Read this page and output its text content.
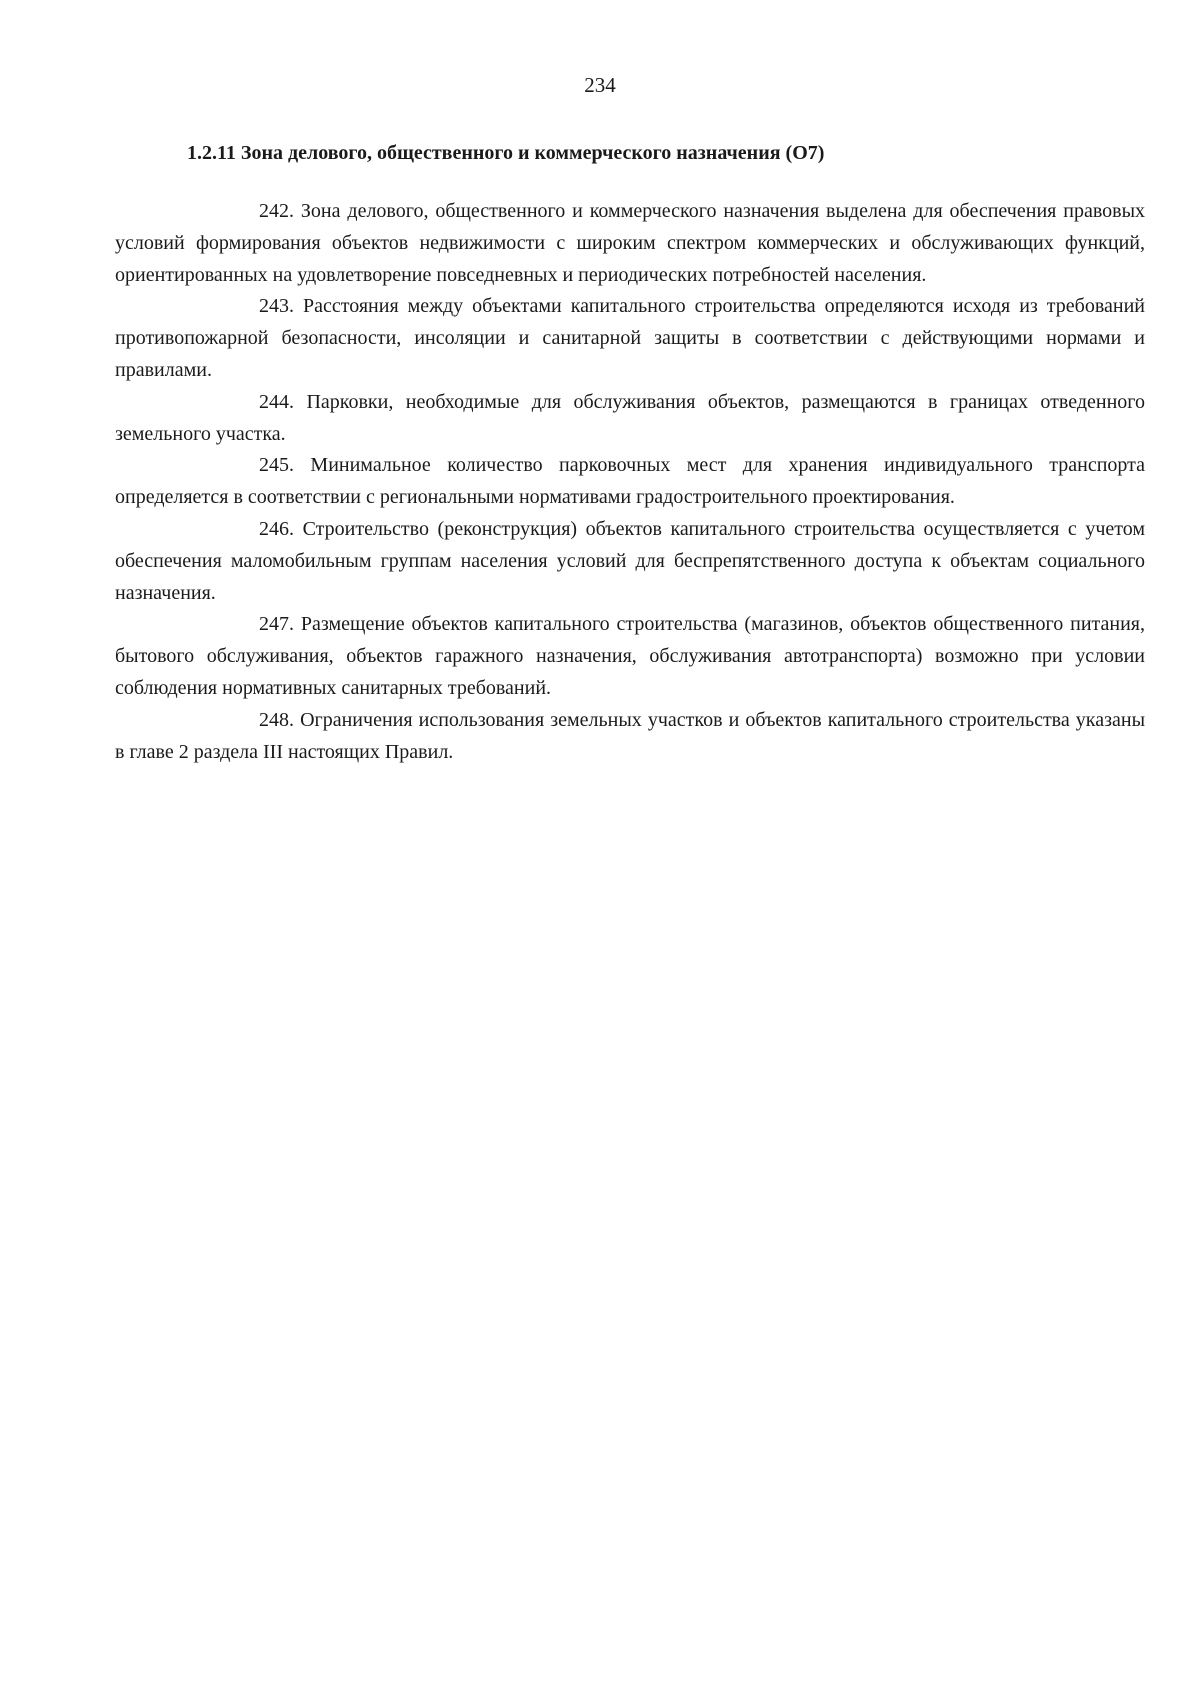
234
1.2.11 Зона делового, общественного и коммерческого назначения (О7)

242. Зона делового, общественного и коммерческого назначения выделена для обеспечения правовых условий формирования объектов недвижимости с широким спектром коммерческих и обслуживающих функций, ориентированных на удовлетворение повседневных и периодических потребностей населения.

243. Расстояния между объектами капитального строительства определяются исходя из требований противопожарной безопасности, инсоляции и санитарной защиты в соответствии с действующими нормами и правилами.

244. Парковки, необходимые для обслуживания объектов, размещаются в границах отведенного земельного участка.

245. Минимальное количество парковочных мест для хранения индивидуального транспорта определяется в соответствии с региональными нормативами градостроительного проектирования.

246. Строительство (реконструкция) объектов капитального строительства осуществляется с учетом обеспечения маломобильным группам населения условий для беспрепятственного доступа к объектам социального назначения.

247. Размещение объектов капитального строительства (магазинов, объектов общественного питания, бытового обслуживания, объектов гаражного назначения, обслуживания автотранспорта) возможно при условии соблюдения нормативных санитарных требований.

248. Ограничения использования земельных участков и объектов капитального строительства указаны в главе 2 раздела III настоящих Правил.
